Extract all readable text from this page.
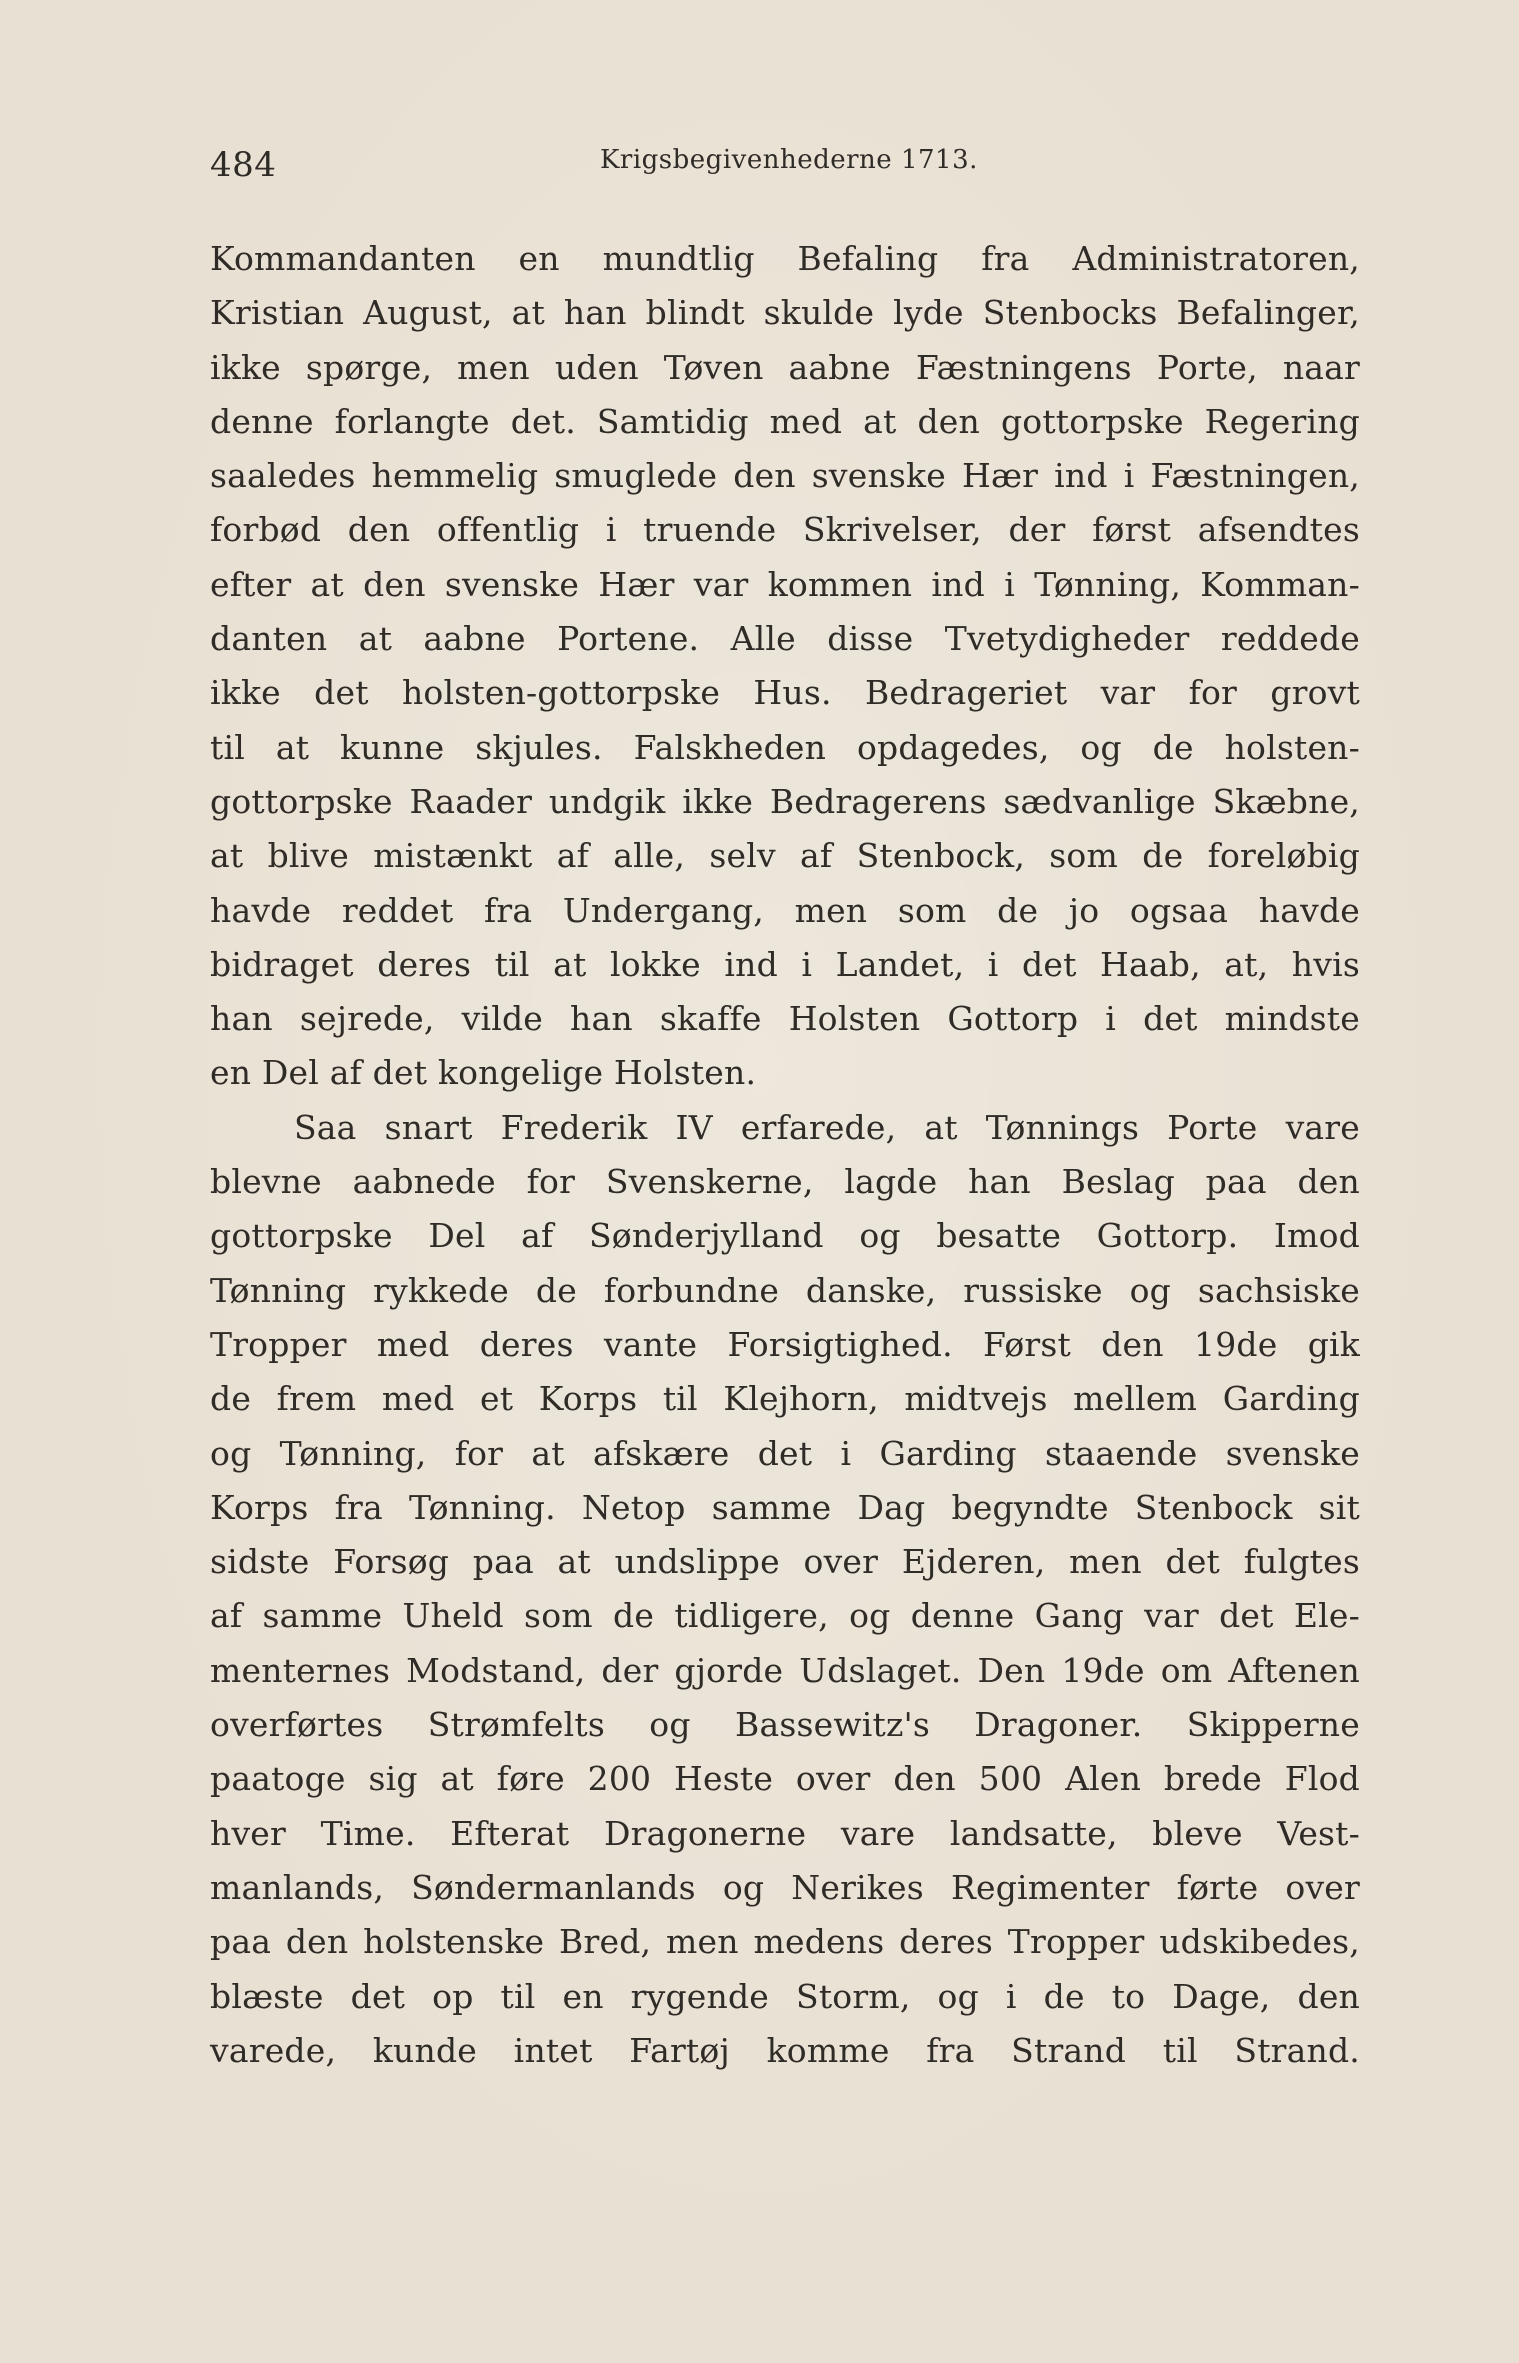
484	Krigsbegivenhederne 1713.
Kommandanten en mundtlig Befaling fra Administratoren,
Kristian August, at han blindt skulde lyde Stenbocks Befalinger,
ikke spørge, men uden Tøven aabne Fæstningens Porte, naar
denne forlangte det. Samtidig med at den gottorpske Regering
saaledes hemmelig smuglede den svenske Hær ind i Fæstningen,
forbød den offentlig i truende Skrivelser, der først afsendtes
efter at den svenske Hær var kommen ind i Tønning, Komman-
danten at aabne Portene. Alle disse Tvetydigheder reddede
ikke det holsten-gottorpske Hus. Bedrageriet var for grovt
til at kunne skjules. Falskheden opdagedes, og de holsten-
gottorpske Raader undgik ikke Bedragerens sædvanlige Skæbne,
at blive mistænkt af alle, selv af Stenbock, som de foreløbig
havde reddet fra Undergang, men som de jo ogsaa havde
bidraget deres til at lokke ind i Landet, i det Haab, at, hvis
han sejrede, vilde han skaffe Holsten Gottorp i det mindste
en Del af det kongelige Holsten.
Saa snart Frederik IV erfarede, at Tønnings Porte vare
blevne aabnede for Svenskerne, lagde han Beslag paa den
gottorpske Del af Sønderjylland og besatte Gottorp. Imod
Tønning rykkede de forbundne danske, russiske og sachsiske
Tropper med deres vante Forsigtighed. Først den 19de gik
de frem med et Korps til Klejhorn, midtvejs mellem Garding
og Tønning, for at afskære det i Garding staaende svenske
Korps fra Tønning. Netop samme Dag begyndte Stenbock sit
sidste Forsøg paa at undslippe over Ejderen, men det fulgtes
af samme Uheld som de tidligere, og denne Gang var det Ele-
menternes Modstand, der gjorde Udslaget. Den 19de om Aftenen
overførtes Strømfelts og Bassewitz's Dragoner. Skipperne
paatoge sig at føre 200 Heste over den 500 Alen brede Flod
hver Time. Efterat Dragonerne vare landsatte, bleve Vest-
manlands, Søndermanlands og Nerikes Regimenter førte over
paa den holstenske Bred, men medens deres Tropper udskibedes,
blæste det op til en rygende Storm, og i de to Dage, den
varede, kunde intet Fartøj komme fra Strand til Strand.
